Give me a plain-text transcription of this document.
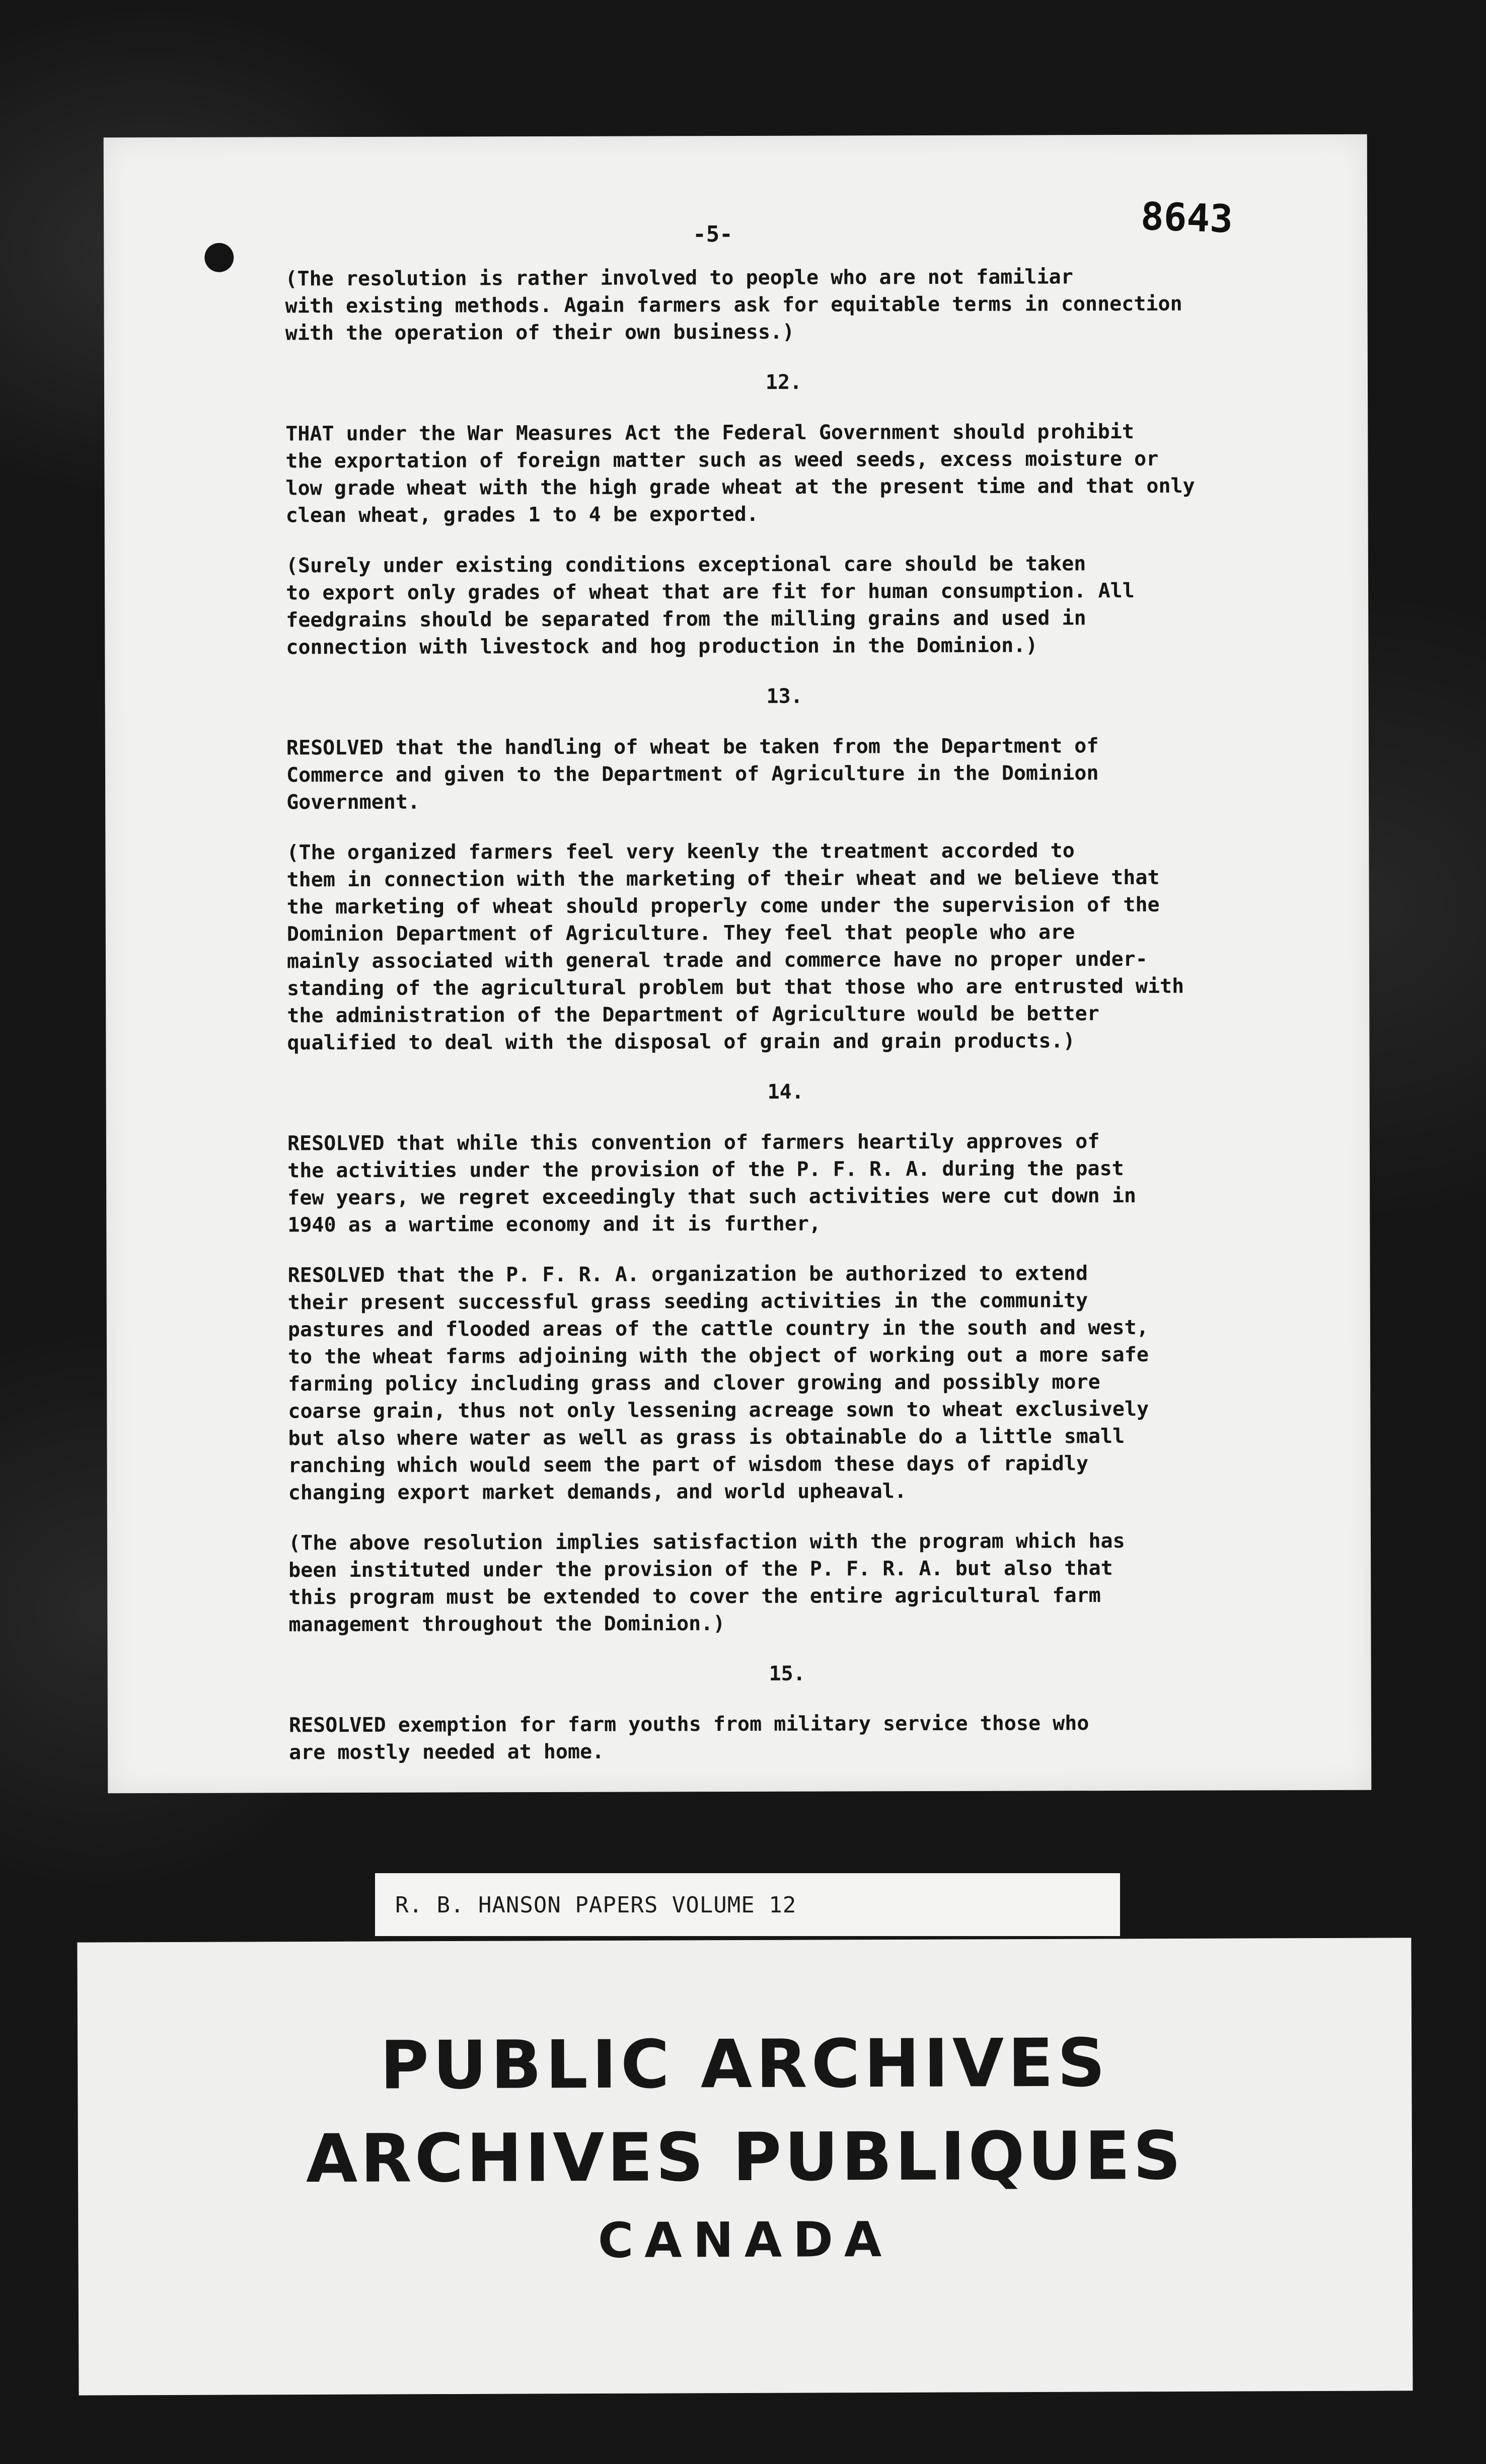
-5-	8643

(The resolution is rather involved to people who are not familiar
with existing methods. Again farmers ask for equitable terms in connection
with the operation of their own business.)

12.

THAT under the War Measures Act the Federal Government should prohibit
the exportation of foreign matter such as weed seeds, excess moisture or
low grade wheat with the high grade wheat at the present time and that only
clean wheat, grades 1 to 4 be exported.

(Surely under existing conditions exceptional care should be taken
to export only grades of wheat that are fit for human consumption. All
feedgrains should be separated from the milling grains and used in
connection with livestock and hog production in the Dominion.)

13.

RESOLVED that the handling of wheat be taken from the Department of
Commerce and given to the Department of Agriculture in the Dominion
Government.

(The organized farmers feel very keenly the treatment accorded to
them in connection with the marketing of their wheat and we believe that
the marketing of wheat should properly come under the supervision of the
Dominion Department of Agriculture. They feel that people who are
mainly associated with general trade and commerce have no proper under-
standing of the agricultural problem but that those who are entrusted with
the administration of the Department of Agriculture would be better
qualified to deal with the disposal of grain and grain products.)

14.

RESOLVED that while this convention of farmers heartily approves of
the activities under the provision of the P. F. R. A. during the past
few years, we regret exceedingly that such activities were cut down in
1940 as a wartime economy and it is further,

RESOLVED that the P. F. R. A. organization be authorized to extend
their present successful grass seeding activities in the community
pastures and flooded areas of the cattle country in the south and west,
to the wheat farms adjoining with the object of working out a more safe
farming policy including grass and clover growing and possibly more
coarse grain, thus not only lessening acreage sown to wheat exclusively
but also where water as well as grass is obtainable do a little small
ranching which would seem the part of wisdom these days of rapidly
changing export market demands, and world upheaval.

(The above resolution implies satisfaction with the program which has
been instituted under the provision of the P. F. R. A. but also that
this program must be extended to cover the entire agricultural farm
management throughout the Dominion.)

15.

RESOLVED exemption for farm youths from military service those who
are mostly needed at home.

R. B. HANSON PAPERS VOLUME 12
PUBLIC ARCHIVES
ARCHIVES PUBLIQUES
CANADA
